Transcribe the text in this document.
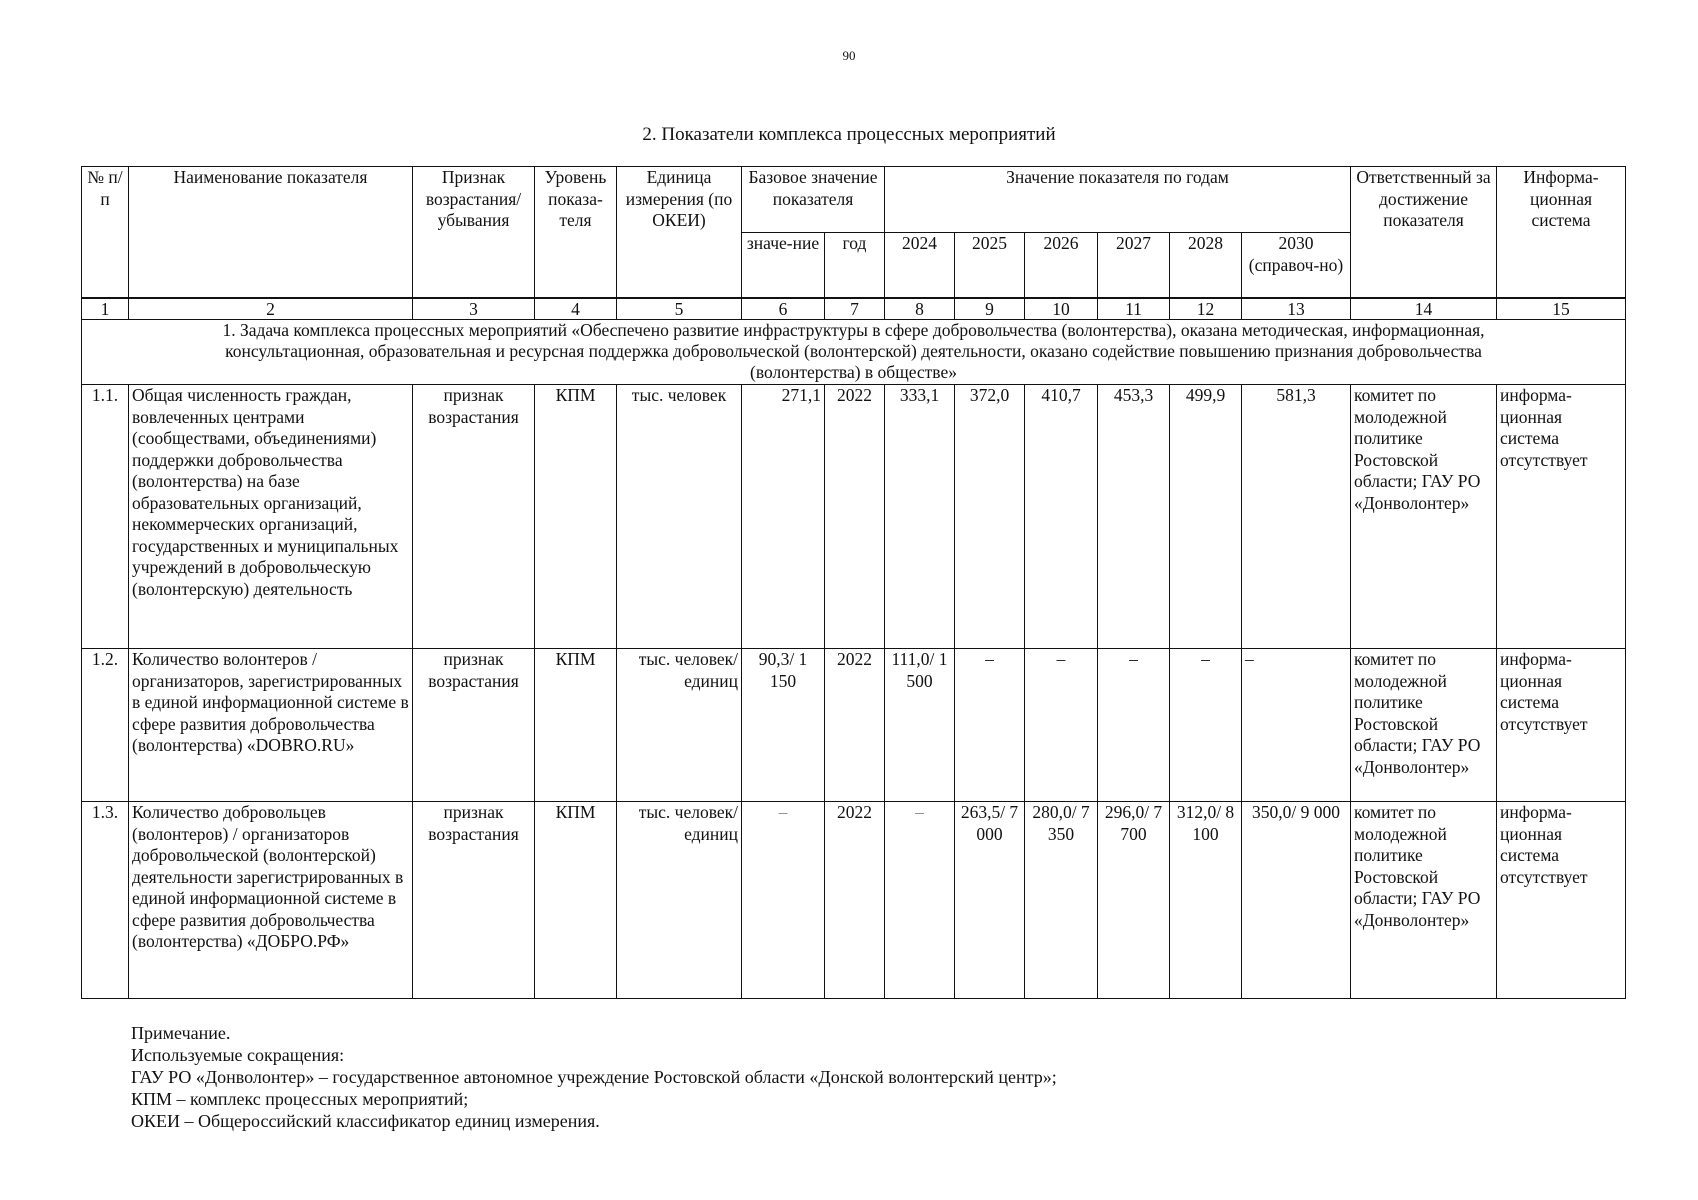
90
2. Показатели комплекса процессных мероприятий
№ п/п	Наименование показателя	Признак возрастания/ убывания	Уровень показа-теля	Единица измерения (по ОКЕИ)	Базовое значение показателя		Значение показателя по годам						Ответственный за достижение показателя	Информа-ционная система
					значе-ние	год	2024	2025	2026	2027	2028	2030 (справоч-но)		
1	2	3	4	5	6	7	8	9	10	11	12	13	14	15

1. Задача комплекса процессных мероприятий «Обеспечено развитие инфраструктуры в сфере добровольчества (волонтерства), оказана методическая, информационная, консультационная, образовательная и ресурсная поддержка добровольческой (волонтерской) деятельности, оказано содействие повышению признания добровольчества (волонтерства) в обществе»														

1.1.	Общая численность граждан, вовлеченных центрами (сообществами, объединениями) поддержки добровольчества (волонтерства) на базе образовательных организаций, некоммерческих организаций, государственных и муниципальных учреждений в добровольческую (волонтерскую) деятельность	признак возрастания	КПМ	тыс. человек	271,1	2022	333,1	372,0	410,7	453,3	499,9	581,3	комитет по молодежной политике Ростовской области; ГАУ РО «Донволонтер»	информа-ционная система отсутствует
1.2.	Количество волонтеров / организаторов, зарегистрированных в единой информационной системе в сфере развития добровольчества (волонтерства) «DOBRO.RU»	признак возрастания	КПМ	тыс. человек/ единиц	90,3/ 1 150	2022	111,0/ 1 500	–	–	–	–	–	комитет по молодежной политике Ростовской области; ГАУ РО «Донволонтер»	информа-ционная система отсутствует
1.3.	Количество добровольцев (волонтеров) / организаторов добровольческой (волонтерской) деятельности зарегистрированных в единой информационной системе в сфере развития добровольчества (волонтерства) «ДОБРО.РФ»	признак возрастания	КПМ	тыс. человек/ единиц	–	2022	–	263,5/ 7 000	280,0/ 7 350	296,0/ 7 700	312,0/ 8 100	350,0/ 9 000	комитет по молодежной политике Ростовской области; ГАУ РО «Донволонтер»	информа-ционная система отсутствует
Примечание.
Используемые сокращения:
ГАУ РО «Донволонтер» – государственное автономное учреждение Ростовской области «Донской волонтерский центр»;
КПМ – комплекс процессных мероприятий;
ОКЕИ – Общероссийский классификатор единиц измерения.
